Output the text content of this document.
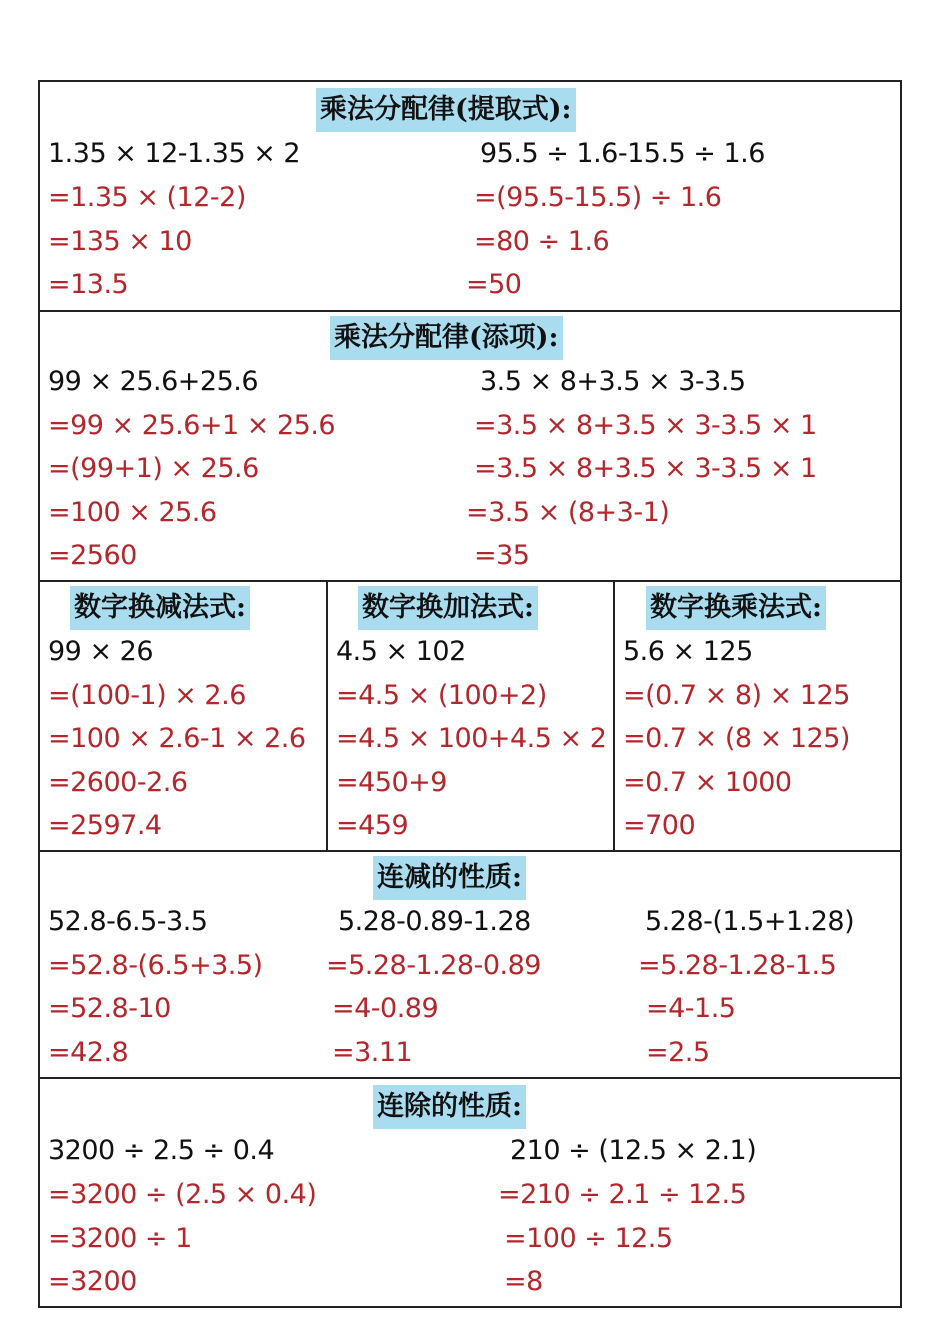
乘法分配律(提取式):
1.35 × 12-1.35 × 2
=1.35 × (12-2)
=135 × 10
=13.5
95.5 ÷ 1.6-15.5 ÷ 1.6
=(95.5-15.5) ÷ 1.6
=80 ÷ 1.6
=50
乘法分配律(添项):
99 × 25.6+25.6
=99 × 25.6+1 × 25.6
=(99+1) × 25.6
=100 × 25.6
=2560
3.5 × 8+3.5 × 3-3.5
=3.5 × 8+3.5 × 3-3.5 × 1
=3.5 × 8+3.5 × 3-3.5 × 1
=3.5 × (8+3-1)
=35
数字换减法式:
99 × 26
=(100-1) × 2.6
=100 × 2.6-1 × 2.6
=2600-2.6
=2597.4
数字换加法式:
4.5 × 102
=4.5 × (100+2)
=4.5 × 100+4.5 × 2
=450+9
=459
数字换乘法式:
5.6 × 125
=(0.7 × 8) × 125
=0.7 × (8 × 125)
=0.7 × 1000
=700
连减的性质:
52.8-6.5-3.5
=52.8-(6.5+3.5)
=52.8-10
=42.8
5.28-0.89-1.28
=5.28-1.28-0.89
=4-0.89
=3.11
5.28-(1.5+1.28)
=5.28-1.28-1.5
=4-1.5
=2.5
连除的性质:
3200 ÷ 2.5 ÷ 0.4
=3200 ÷ (2.5 × 0.4)
=3200 ÷ 1
=3200
210 ÷ (12.5 × 2.1)
=210 ÷ 2.1 ÷ 12.5
=100 ÷ 12.5
=8
